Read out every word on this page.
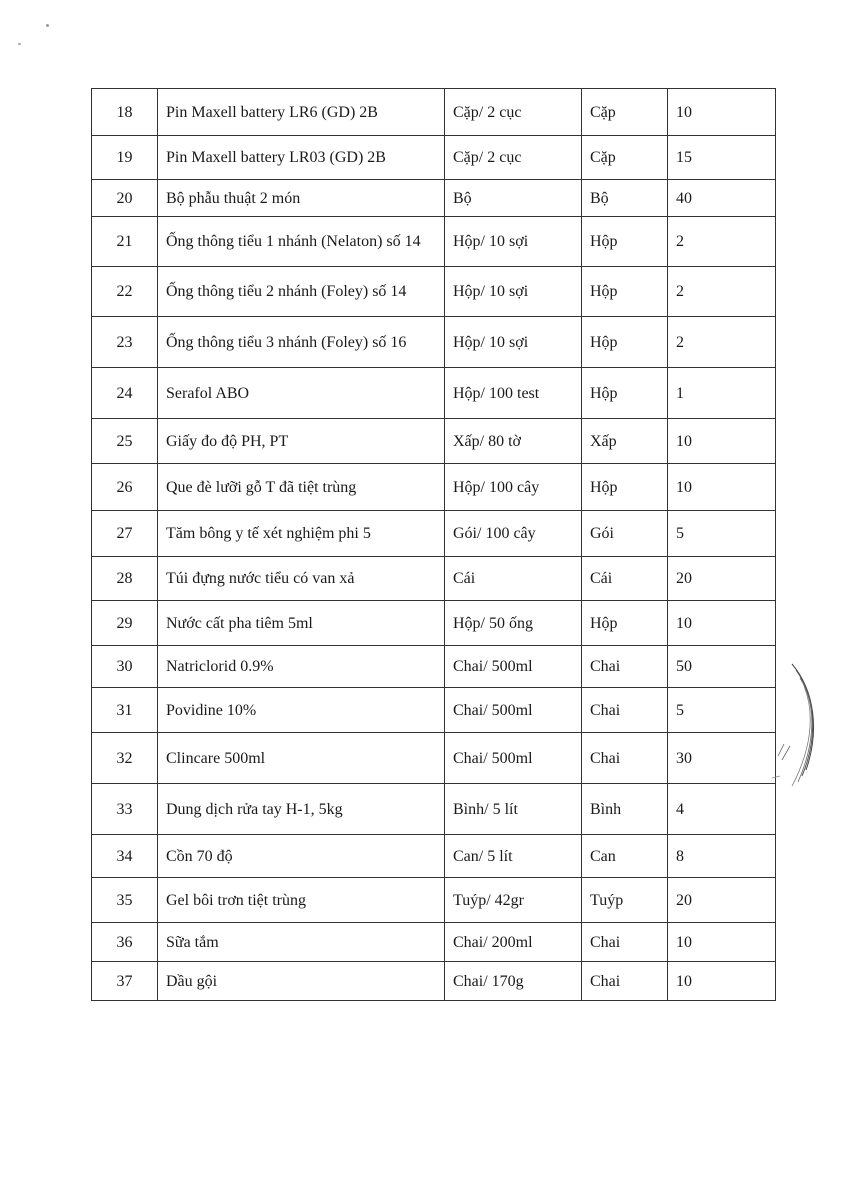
18	Pin Maxell battery LR6 (GD) 2B	Cặp/ 2 cục	Cặp	10
19	Pin Maxell battery LR03 (GD) 2B	Cặp/ 2 cục	Cặp	15
20	Bộ phẫu thuật 2 món	Bộ	Bộ	40
21	Ống thông tiểu 1 nhánh (Nelaton) số 14	Hộp/ 10 sợi	Hộp	2
22	Ống thông tiểu 2 nhánh (Foley) số 14	Hộp/ 10 sợi	Hộp	2
23	Ống thông tiểu 3 nhánh (Foley) số 16	Hộp/ 10 sợi	Hộp	2
24	Serafol ABO	Hộp/ 100 test	Hộp	1
25	Giấy đo độ PH, PT	Xấp/ 80 tờ	Xấp	10
26	Que đè lưỡi gỗ T đã tiệt trùng	Hộp/ 100 cây	Hộp	10
27	Tăm bông y tế xét nghiệm phi 5	Gói/ 100 cây	Gói	5
28	Túi đựng nước tiểu có van xả	Cái	Cái	20
29	Nước cất pha tiêm 5ml	Hộp/ 50 ống	Hộp	10
30	Natriclorid 0.9%	Chai/ 500ml	Chai	50
31	Povidine 10%	Chai/ 500ml	Chai	5
32	Clincare 500ml	Chai/ 500ml	Chai	30
33	Dung dịch rửa tay H-1, 5kg	Bình/ 5 lít	Bình	4
34	Cồn 70 độ	Can/ 5 lít	Can	8
35	Gel bôi trơn tiệt trùng	Tuýp/ 42gr	Tuýp	20
36	Sữa tắm	Chai/ 200ml	Chai	10
37	Dầu gội	Chai/ 170g	Chai	10
